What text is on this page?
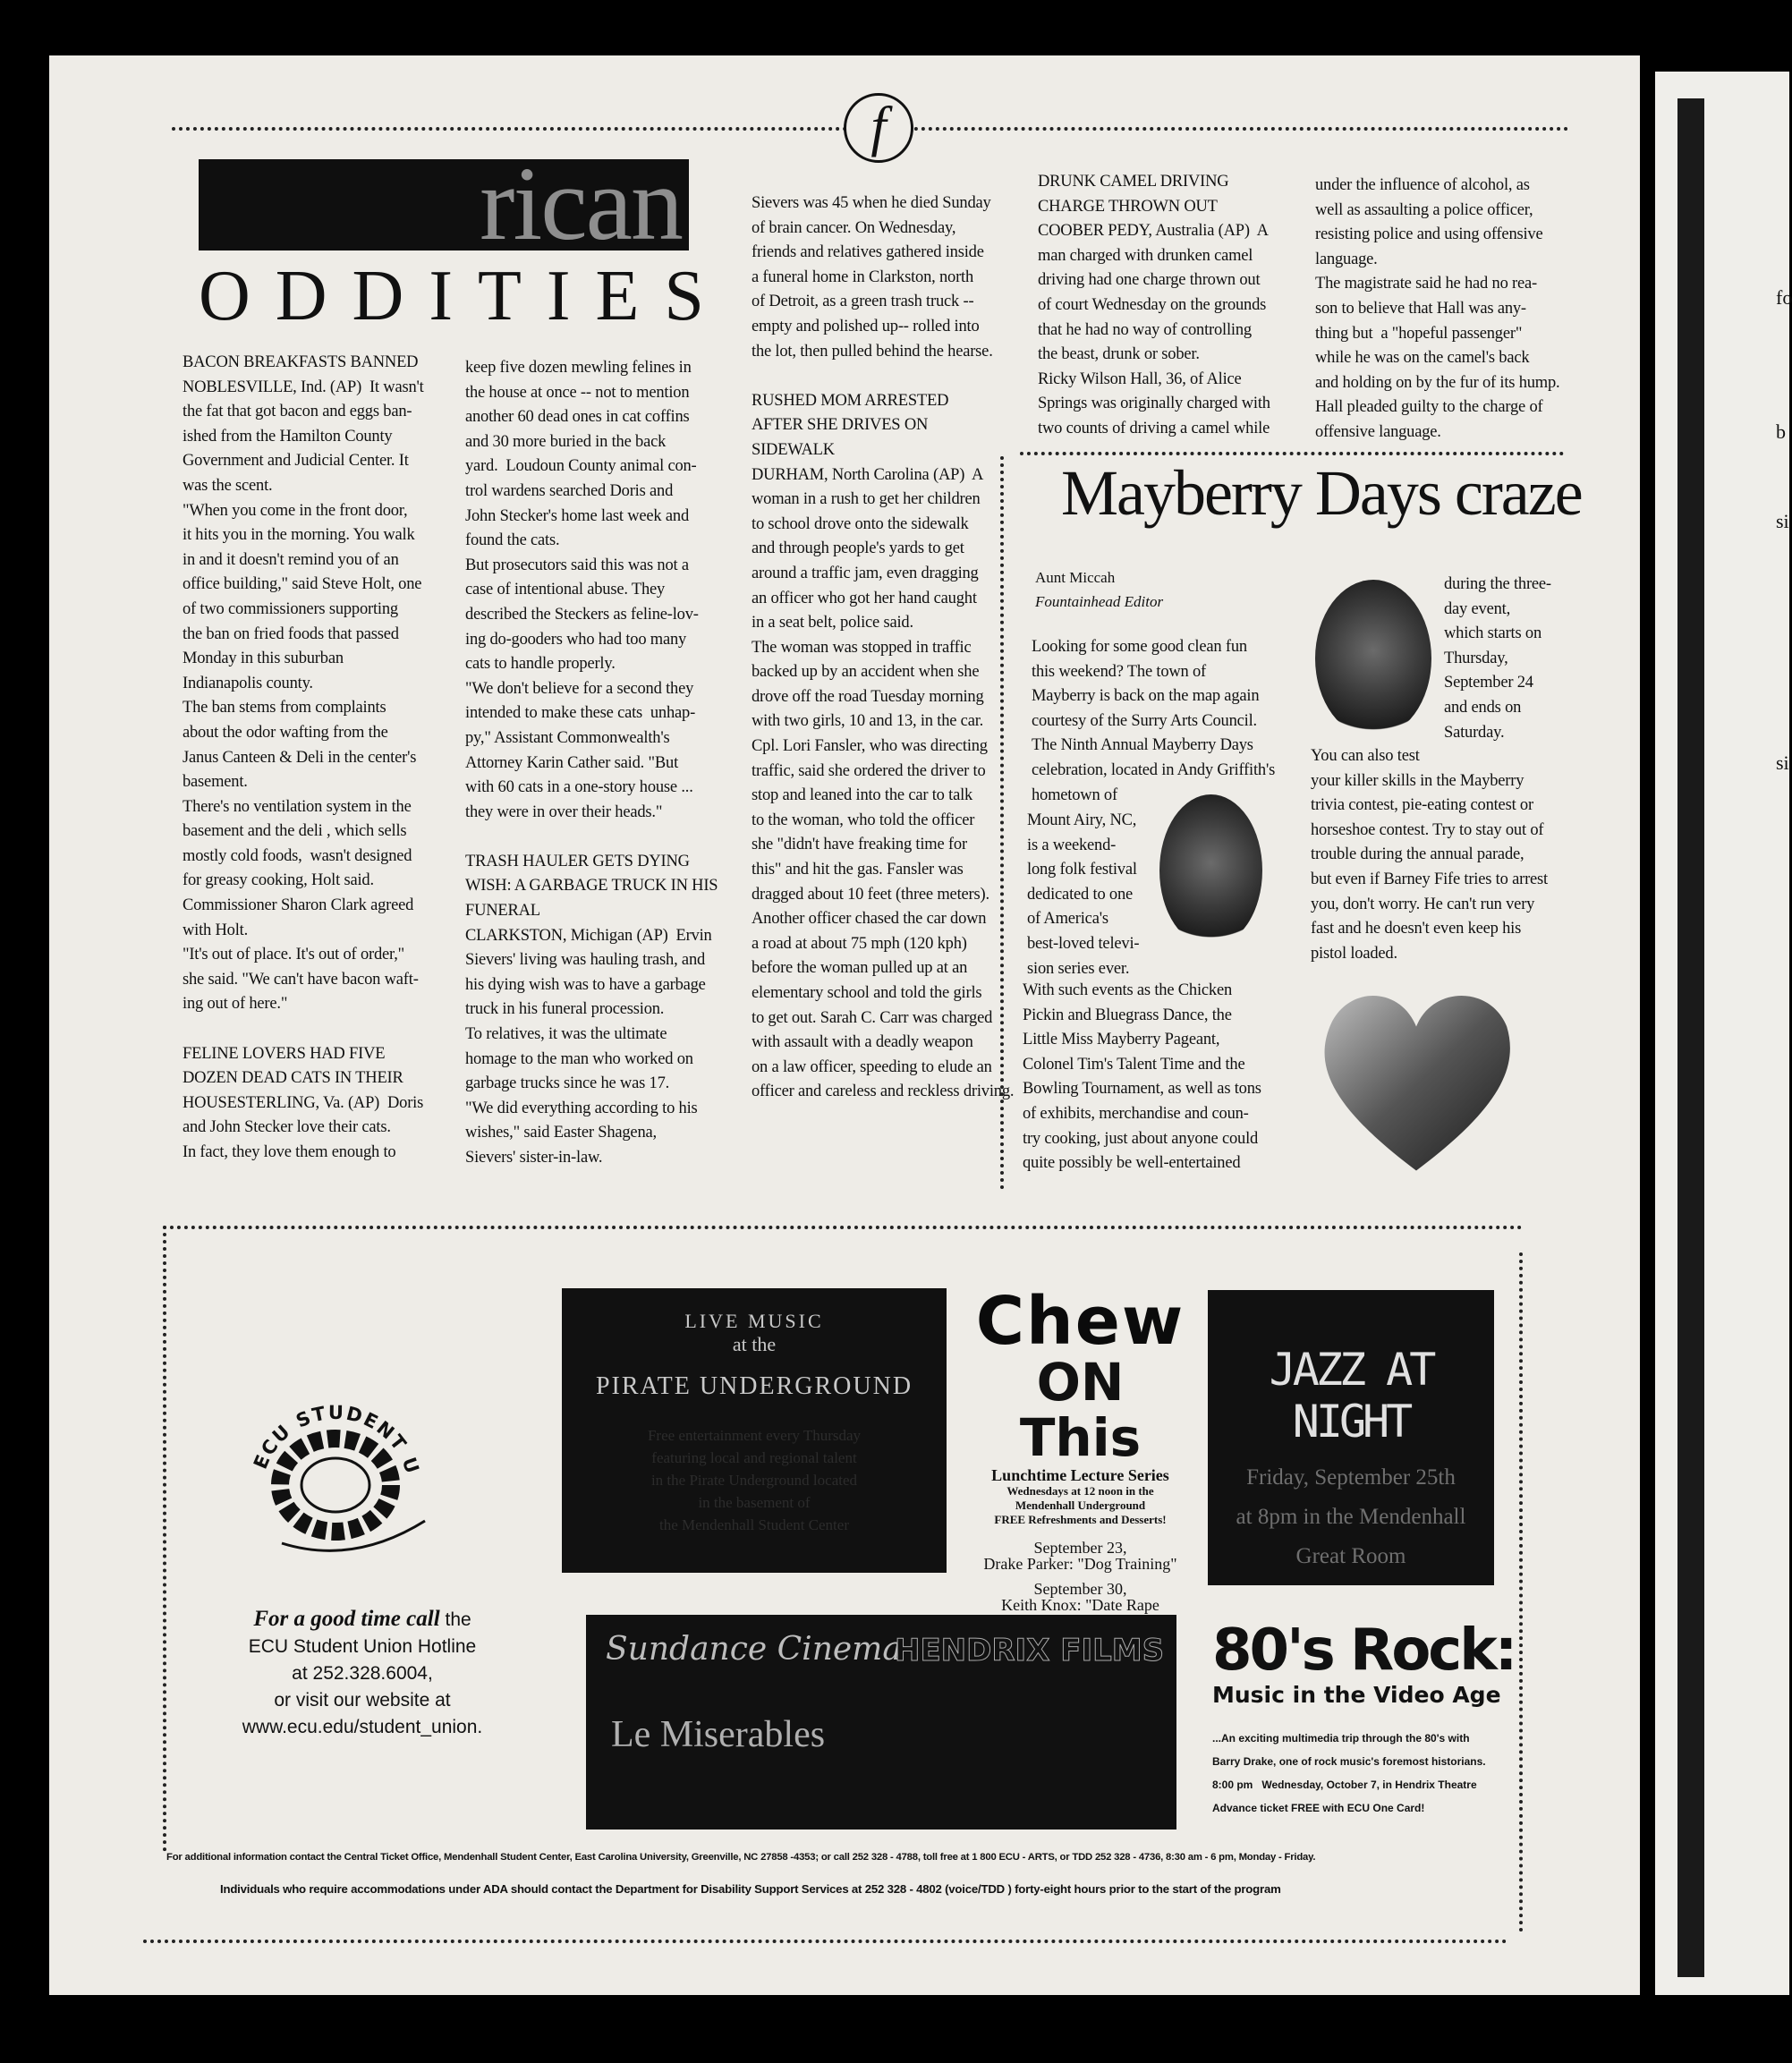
fo
b
si
si
f
rican
ODDITIES
BACON BREAKFASTS BANNED
NOBLESVILLE, Ind. (AP)  It wasn't
the fat that got bacon and eggs ban-
ished from the Hamilton County
Government and Judicial Center. It
was the scent.
"When you come in the front door,
it hits you in the morning. You walk
in and it doesn't remind you of an
office building," said Steve Holt, one
of two commissioners supporting
the ban on fried foods that passed
Monday in this suburban
Indianapolis county.
The ban stems from complaints
about the odor wafting from the
Janus Canteen & Deli in the center's
basement.
There's no ventilation system in the
basement and the deli , which sells
mostly cold foods,  wasn't designed
for greasy cooking, Holt said.
Commissioner Sharon Clark agreed
with Holt.
"It's out of place. It's out of order,"
she said. "We can't have bacon waft-
ing out of here."

FELINE LOVERS HAD FIVE
DOZEN DEAD CATS IN THEIR
HOUSESTERLING, Va. (AP)  Doris
and John Stecker love their cats.
In fact, they love them enough to
keep five dozen mewling felines in
the house at once -- not to mention
another 60 dead ones in cat coffins
and 30 more buried in the back
yard.  Loudoun County animal con-
trol wardens searched Doris and
John Stecker's home last week and
found the cats.
But prosecutors said this was not a
case of intentional abuse. They
described the Steckers as feline-lov-
ing do-gooders who had too many
cats to handle properly.
"We don't believe for a second they
intended to make these cats  unhap-
py," Assistant Commonwealth's
Attorney Karin Cather said. "But
with 60 cats in a one-story house ...
they were in over their heads."

TRASH HAULER GETS DYING
WISH: A GARBAGE TRUCK IN HIS
FUNERAL
CLARKSTON, Michigan (AP)  Ervin
Sievers' living was hauling trash, and
his dying wish was to have a garbage
truck in his funeral procession.
To relatives, it was the ultimate
homage to the man who worked on
garbage trucks since he was 17.
"We did everything according to his
wishes," said Easter Shagena,
Sievers' sister-in-law.
Sievers was 45 when he died Sunday
of brain cancer. On Wednesday,
friends and relatives gathered inside
a funeral home in Clarkston, north
of Detroit, as a green trash truck --
empty and polished up-- rolled into
the lot, then pulled behind the hearse.

RUSHED MOM ARRESTED
AFTER SHE DRIVES ON
SIDEWALK
DURHAM, North Carolina (AP)  A
woman in a rush to get her children
to school drove onto the sidewalk
and through people's yards to get
around a traffic jam, even dragging
an officer who got her hand caught
in a seat belt, police said.
The woman was stopped in traffic
backed up by an accident when she
drove off the road Tuesday morning
with two girls, 10 and 13, in the car.
Cpl. Lori Fansler, who was directing
traffic, said she ordered the driver to
stop and leaned into the car to talk
to the woman, who told the officer
she "didn't have freaking time for
this" and hit the gas. Fansler was
dragged about 10 feet (three meters).
Another officer chased the car down
a road at about 75 mph (120 kph)
before the woman pulled up at an
elementary school and told the girls
to get out. Sarah C. Carr was charged
with assault with a deadly weapon
on a law officer, speeding to elude an
officer and careless and reckless driving.
DRUNK CAMEL DRIVING
CHARGE THROWN OUT
COOBER PEDY, Australia (AP)  A
man charged with drunken camel
driving had one charge thrown out
of court Wednesday on the grounds
that he had no way of controlling
the beast, drunk or sober.
Ricky Wilson Hall, 36, of Alice
Springs was originally charged with
two counts of driving a camel while
under the influence of alcohol, as
well as assaulting a police officer,
resisting police and using offensive
language.
The magistrate said he had no rea-
son to believe that Hall was any-
thing but  a "hopeful passenger"
while he was on the camel's back
and holding on by the fur of its hump.
Hall pleaded guilty to the charge of
offensive language.
Mayberry Days craze
Aunt Miccah
Fountainhead Editor
Looking for some good clean fun
this weekend? The town of
Mayberry is back on the map again
courtesy of the Surry Arts Council.
The Ninth Annual Mayberry Days
celebration, located in Andy Griffith's
hometown of
Mount Airy, NC,
is a weekend-
long folk festival
dedicated to one
of America's
best-loved televi-
sion series ever.
With such events as the Chicken
Pickin and Bluegrass Dance, the
Little Miss Mayberry Pageant,
Colonel Tim's Talent Time and the
Bowling Tournament, as well as tons
of exhibits, merchandise and coun-
try cooking, just about anyone could
quite possibly be well-entertained
during the three-
day event,
which starts on
Thursday,
September 24
and ends on
Saturday.
You can also test
your killer skills in the Mayberry
trivia contest, pie-eating contest or
horseshoe contest. Try to stay out of
trouble during the annual parade,
but even if Barney Fife tries to arrest
you, don't worry. He can't run very
fast and he doesn't even keep his
pistol loaded.
ECU STUDENT U
For a good time call the
ECU Student Union Hotline
at 252.328.6004,
or visit our website at
www.ecu.edu/student_union.
LIVE MUSIC
at the
PIRATE UNDERGROUND
Free entertainment every Thursday
featuring local and regional talent
in the Pirate Underground located
in the basement of
the Mendenhall Student Center
Chew
ON This
Lunchtime Lecture Series
Wednesdays at 12 noon in the
Mendenhall Underground
FREE Refreshments and Desserts!
September 23,
Drake Parker: "Dog Training"
September 30,
Keith Knox: "Date Rape

JAZZ AT NIGHT
Friday, September 25th
at 8pm in the Mendenhall
Great Room
Sundance Cinema
HENDRIX FILMS
Le Miserables
80's Rock:
Music in the Video Age
...An exciting multimedia trip through the 80's with
Barry Drake, one of rock music's foremost historians.
8:00 pm   Wednesday, October 7, in Hendrix Theatre
Advance ticket FREE with ECU One Card!
For additional information contact the Central Ticket Office, Mendenhall Student Center, East Carolina University, Greenville, NC 27858 -4353; or call 252 328 - 4788, toll free at 1 800 ECU - ARTS, or TDD 252 328 - 4736, 8:30 am - 6 pm, Monday - Friday.
Individuals who require accommodations under ADA should contact the Department for Disability Support Services at 252 328 - 4802 (voice/TDD ) forty-eight hours prior to the start of the program
